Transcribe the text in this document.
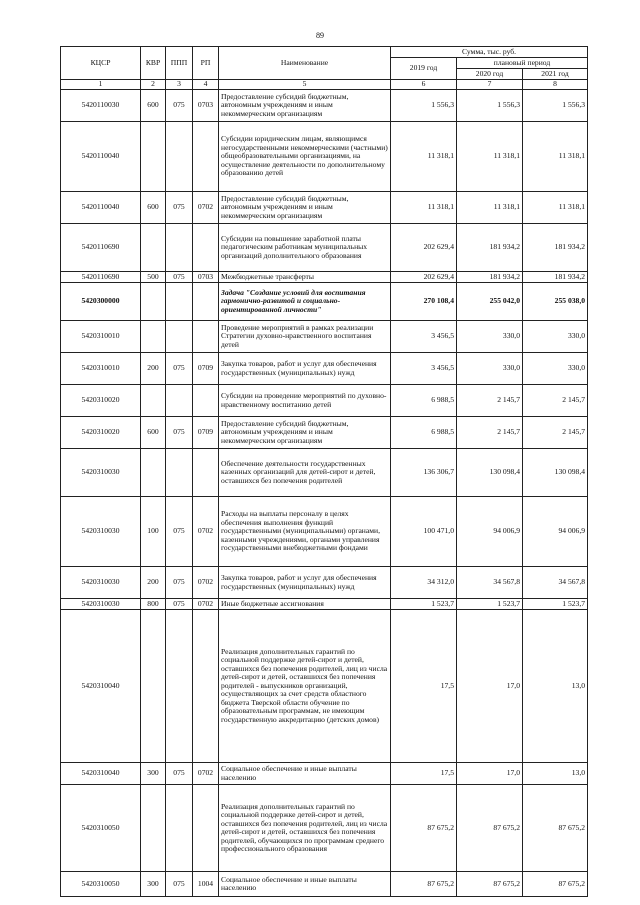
89
КЦСР	КВР	ППП	РП	Наименование	Сумма, тыс. руб.		
					2019 год	плановый период	
						2020 год	2021 год
1	2	3	4	5	6	7	8
5420110030	600	075	0703	Предоставление субсидий бюджетным, автономным учреждениям и иным некоммерческим организациям	1 556,3	1 556,3	1 556,3
5420110040				Субсидии юридическим лицам, являющимся негосударственными некоммерческими (частными) общеобразовательными организациями, на осуществление деятельности по дополнительному образованию детей	11 318,1	11 318,1	11 318,1
5420110040	600	075	0702	Предоставление субсидий бюджетным, автономным учреждениям и иным некоммерческим организациям	11 318,1	11 318,1	11 318,1
5420110690				Субсидии на повышение заработной платы педагогическим работникам муниципальных организаций дополнительного образования	202 629,4	181 934,2	181 934,2
5420110690	500	075	0703	Межбюджетные трансферты	202 629,4	181 934,2	181 934,2
5420300000				Задача "Создание условий для воспитания гармонично-развитой и социально-ориентированной личности"	270 108,4	255 042,0	255 038,0
5420310010				Проведение мероприятий в рамках реализации Стратегии духовно-нравственного воспитания детей	3 456,5	330,0	330,0
5420310010	200	075	0709	Закупка товаров, работ и услуг для обеспечения государственных (муниципальных) нужд	3 456,5	330,0	330,0
5420310020				Субсидии на проведение мероприятий по духовно-нравственному воспитанию детей	6 988,5	2 145,7	2 145,7
5420310020	600	075	0709	Предоставление субсидий бюджетным, автономным учреждениям и иным некоммерческим организациям	6 988,5	2 145,7	2 145,7
5420310030				Обеспечение деятельности государственных казенных организаций для детей-сирот и детей, оставшихся без попечения родителей	136 306,7	130 098,4	130 098,4
5420310030	100	075	0702	Расходы на выплаты персоналу в целях обеспечения выполнения функций государственными (муниципальными) органами, казенными учреждениями, органами управления государственными внебюджетными фондами	100 471,0	94 006,9	94 006,9
5420310030	200	075	0702	Закупка товаров, работ и услуг для обеспечения государственных (муниципальных) нужд	34 312,0	34 567,8	34 567,8
5420310030	800	075	0702	Иные бюджетные ассигнования	1 523,7	1 523,7	1 523,7
5420310040				Реализация дополнительных гарантий по социальной поддержке детей-сирот и детей, оставшихся без попечения родителей, лиц из числа детей-сирот и детей, оставшихся без попечения родителей - выпускников организаций, осуществляющих за счет средств областного бюджета Тверской области обучение по образовательным программам, не имеющим государственную аккредитацию (детских домов)	17,5	17,0	13,0
5420310040	300	075	0702	Социальное обеспечение и иные выплаты населению	17,5	17,0	13,0
5420310050				Реализация дополнительных гарантий по социальной поддержке детей-сирот и детей, оставшихся без попечения родителей, лиц из числа детей-сирот и детей, оставшихся без попечения родителей, обучающихся по программам среднего профессионального образования	87 675,2	87 675,2	87 675,2
5420310050	300	075	1004	Социальное обеспечение и иные выплаты населению	87 675,2	87 675,2	87 675,2
